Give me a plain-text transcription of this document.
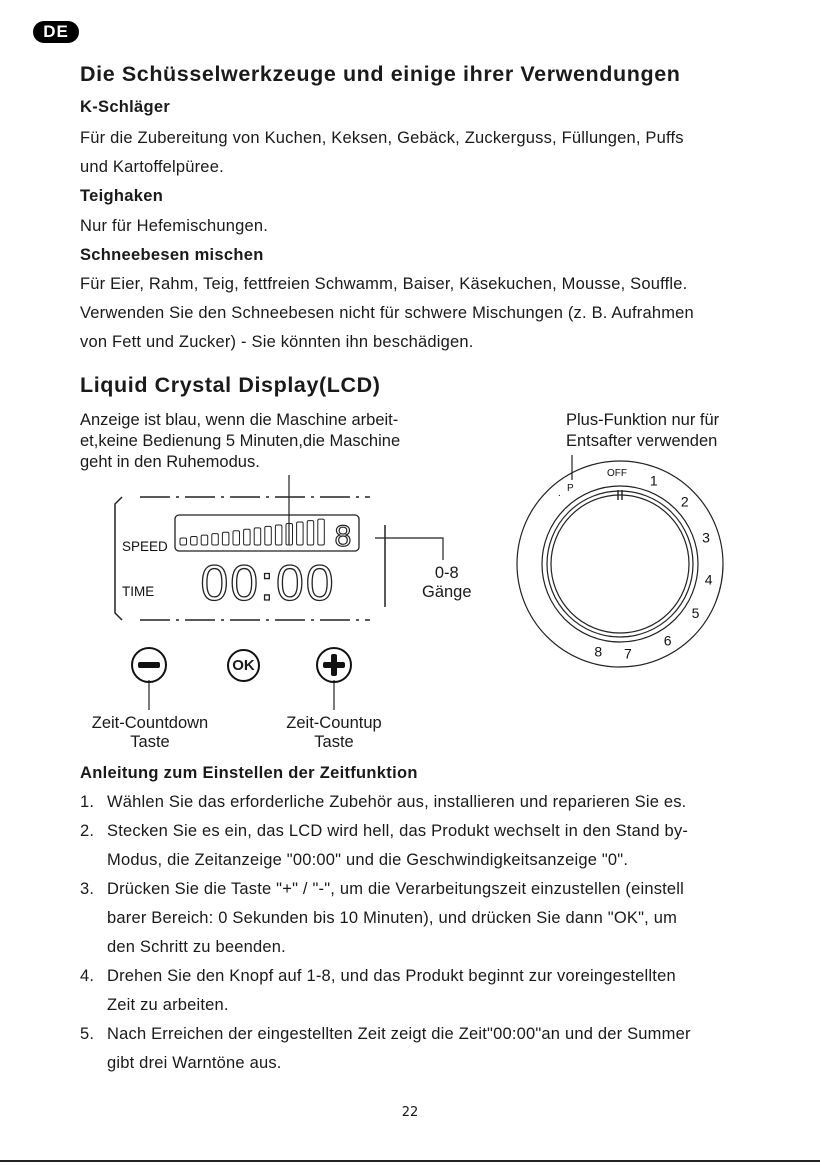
DE
Die Schüsselwerkzeuge und einige ihrer Verwendungen
K-Schläger
Für die Zubereitung von Kuchen, Keksen, Gebäck, Zuckerguss, Füllungen, Puffs
und Kartoffelpüree.
Teighaken
Nur für Hefemischungen.
Schneebesen mischen
Für Eier, Rahm, Teig, fettfreien Schwamm, Baiser, Käsekuchen, Mousse, Souffle.
Verwenden Sie den Schneebesen nicht für schwere Mischungen (z. B. Aufrahmen
von Fett und Zucker) - Sie könnten ihn beschädigen.
Liquid Crystal Display(LCD)
Anzeige ist blau, wenn die Maschine arbeit-
et,keine Bedienung 5 Minuten,die Maschine
geht in den Ruhemodus.
Plus-Funktion nur für
Entsafter verwenden
8
SPEED
TIME 00:00	0-8
Gänge
OK
Zeit-Countdown
Taste
Zeit-Countup
Taste
OFF
P
.
1
2
3
4
5
6
7
8
Anleitung zum Einstellen der Zeitfunktion
1. Wählen Sie das erforderliche Zubehör aus, installieren und reparieren Sie es.
2. Stecken Sie es ein, das LCD wird hell, das Produkt wechselt in den Stand by-
Modus, die Zeitanzeige "00:00" und die Geschwindigkeitsanzeige "0".
3. Drücken Sie die Taste "+" / "-", um die Verarbeitungszeit einzustellen (einstell
barer Bereich: 0 Sekunden bis 10 Minuten), und drücken Sie dann "OK", um
den Schritt zu beenden.
4. Drehen Sie den Knopf auf 1-8, und das Produkt beginnt zur voreingestellten
Zeit zu arbeiten.
5. Nach Erreichen der eingestellten Zeit zeigt die Zeit"00:00"an und der Summer
gibt drei Warntöne aus.
22
